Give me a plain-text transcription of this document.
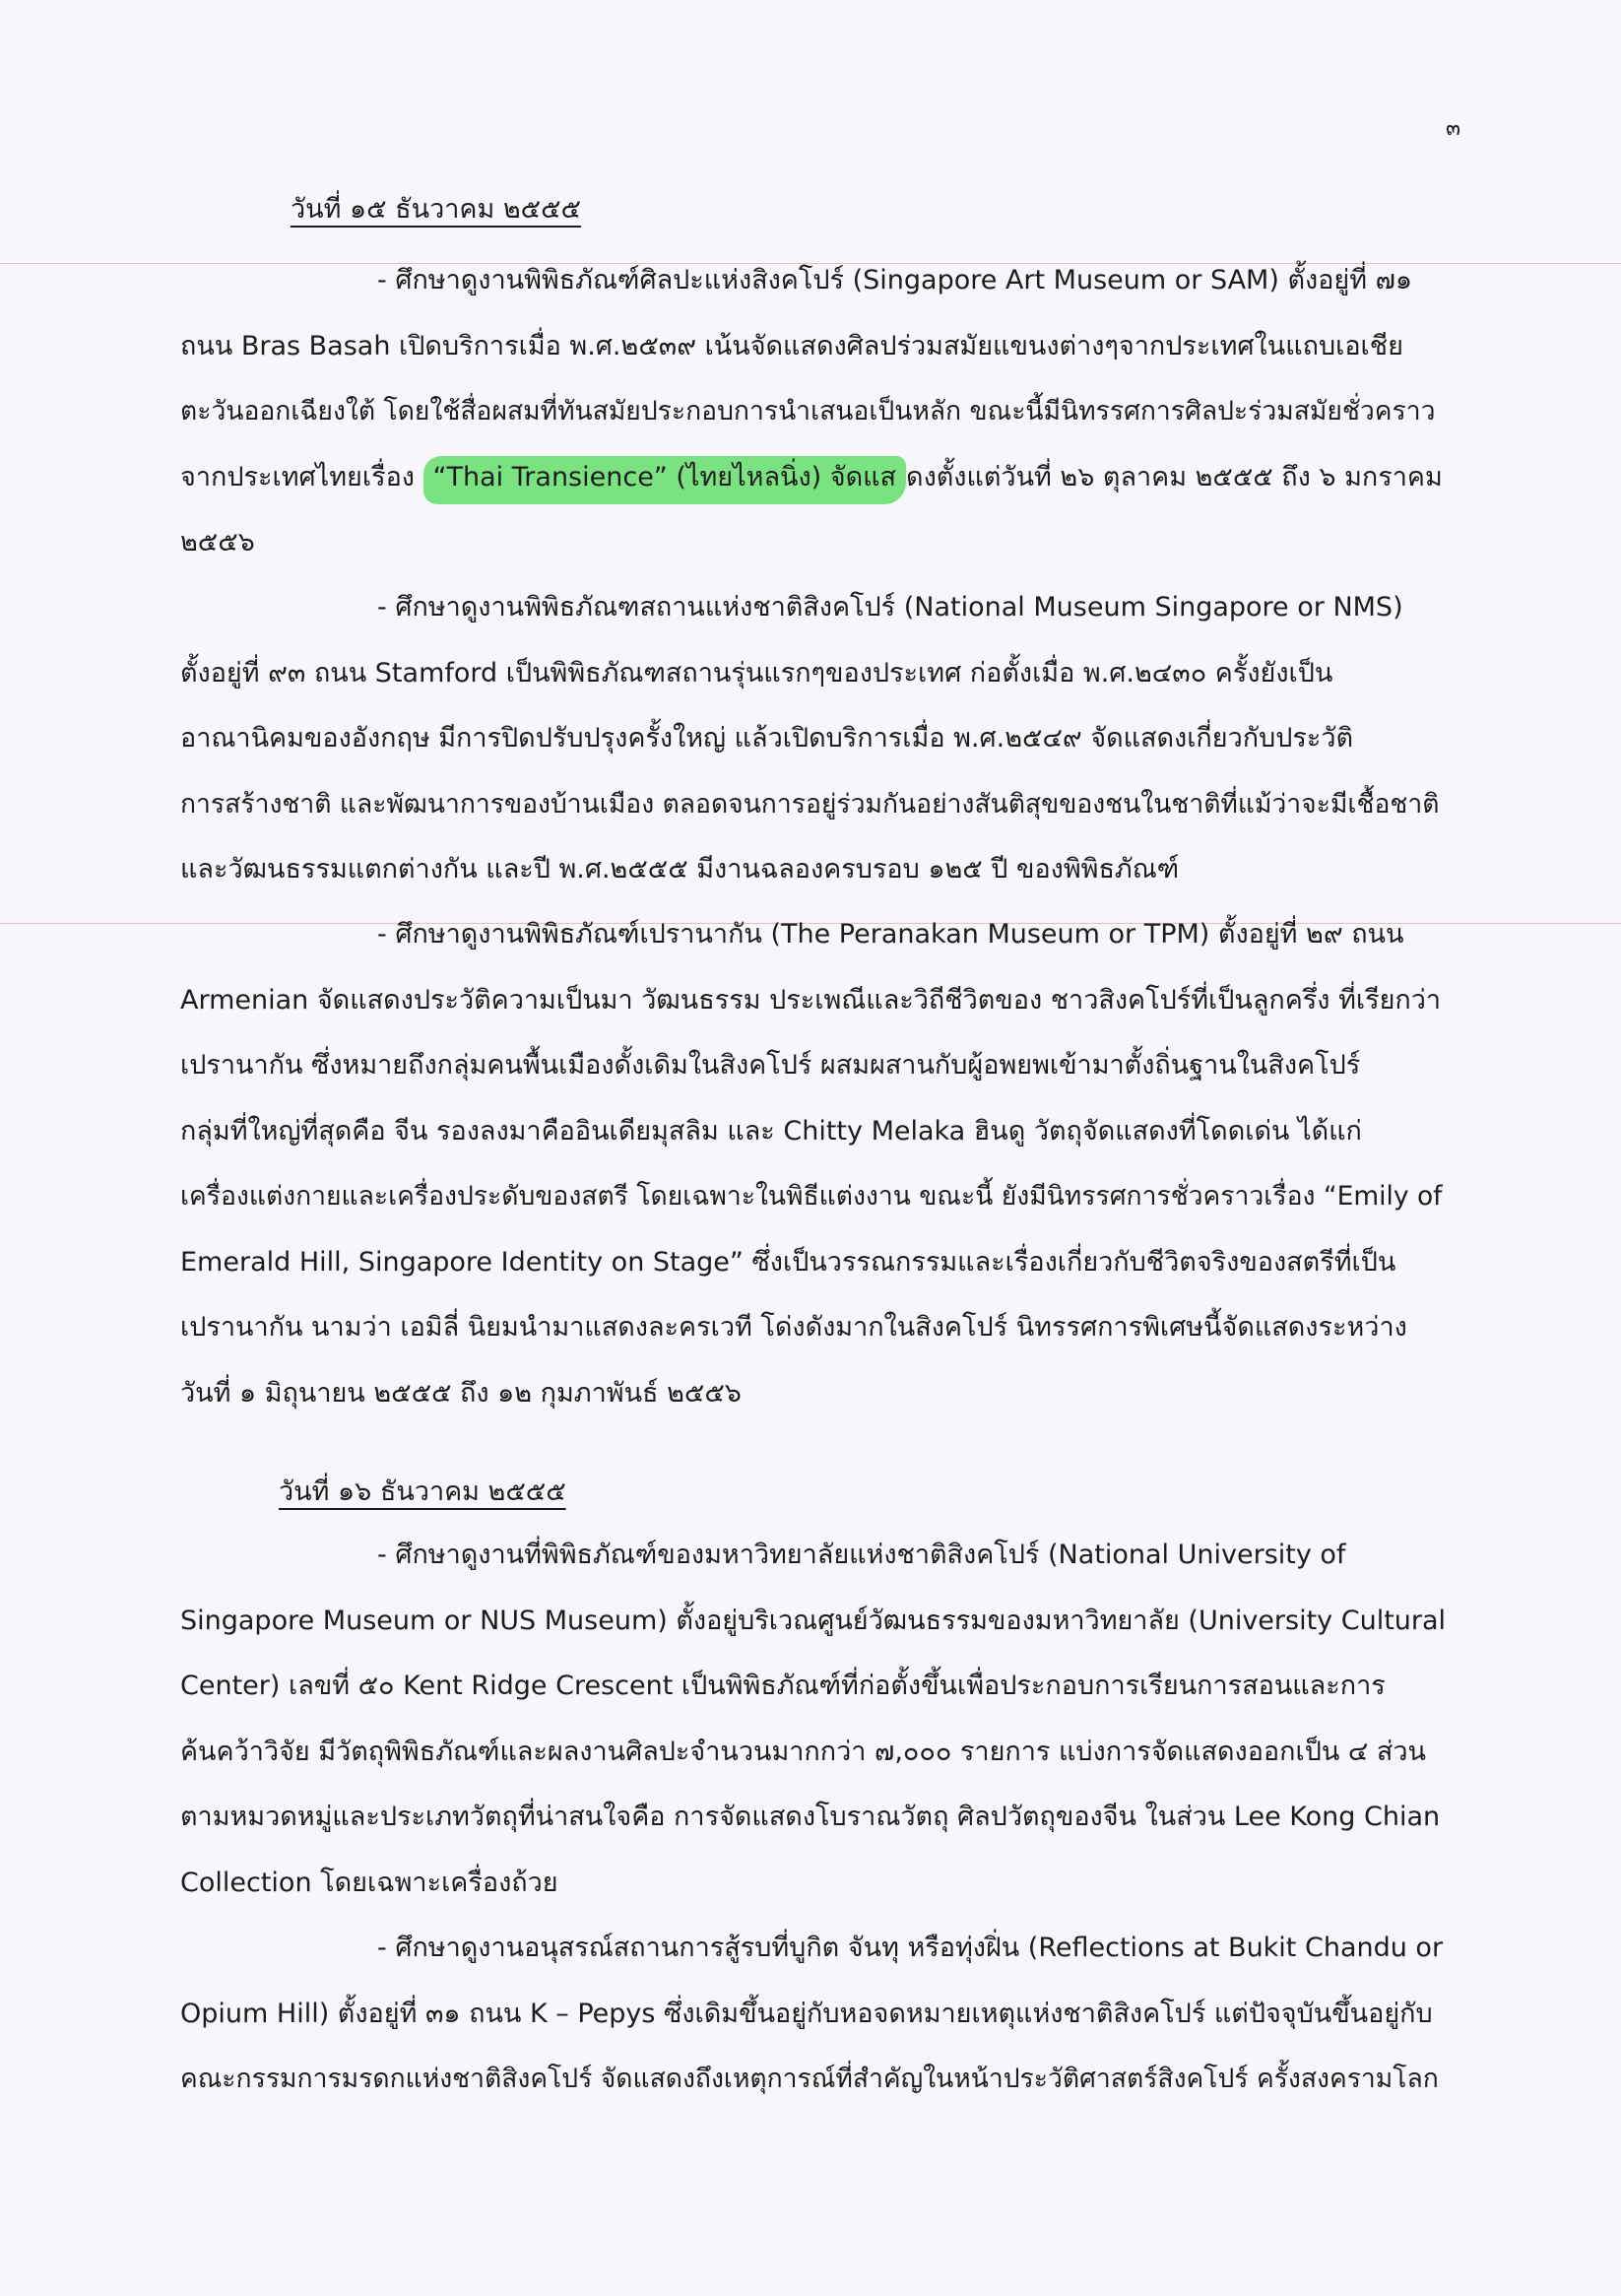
๓
วันที่ ๑๕ ธันวาคม ๒๕๕๕
- ศึกษาดูงานพิพิธภัณฑ์ศิลปะแห่งสิงคโปร์ (Singapore Art Museum or SAM) ตั้งอยู่ที่ ๗๑
ถนน Bras Basah เปิดบริการเมื่อ พ.ศ.๒๕๓๙ เน้นจัดแสดงศิลปร่วมสมัยแขนงต่างๆจากประเทศในแถบเอเชีย
ตะวันออกเฉียงใต้ โดยใช้สื่อผสมที่ทันสมัยประกอบการนำเสนอเป็นหลัก ขณะนี้มีนิทรรศการศิลปะร่วมสมัยชั่วคราว
จากประเทศไทยเรื่อง “Thai Transience” (ไทยไหลนิ่ง) จัดแส ดงตั้งแต่วันที่ ๒๖ ตุลาคม ๒๕๕๕ ถึง ๖ มกราคม
๒๕๕๖
- ศึกษาดูงานพิพิธภัณฑสถานแห่งชาติสิงคโปร์ (National Museum Singapore or NMS)
ตั้งอยู่ที่ ๙๓ ถนน Stamford เป็นพิพิธภัณฑสถานรุ่นแรกๆของประเทศ ก่อตั้งเมื่อ พ.ศ.๒๔๓๐ ครั้งยังเป็น
อาณานิคมของอังกฤษ มีการปิดปรับปรุงครั้งใหญ่ แล้วเปิดบริการเมื่อ พ.ศ.๒๕๔๙ จัดแสดงเกี่ยวกับประวัติ
การสร้างชาติ และพัฒนาการของบ้านเมือง ตลอดจนการอยู่ร่วมกันอย่างสันติสุขของชนในชาติที่แม้ว่าจะมีเชื้อชาติ
และวัฒนธรรมแตกต่างกัน และปี พ.ศ.๒๕๕๕ มีงานฉลองครบรอบ ๑๒๕ ปี ของพิพิธภัณฑ์
- ศึกษาดูงานพิพิธภัณฑ์เปรานากัน (The Peranakan Museum or TPM) ตั้งอยู่ที่ ๒๙ ถนน
Armenian จัดแสดงประวัติความเป็นมา วัฒนธรรม ประเพณีและวิถีชีวิตของ ชาวสิงคโปร์ที่เป็นลูกครึ่ง ที่เรียกว่า
เปรานากัน ซึ่งหมายถึงกลุ่มคนพื้นเมืองดั้งเดิมในสิงคโปร์ ผสมผสานกับผู้อพยพเข้ามาตั้งถิ่นฐานในสิงคโปร์
กลุ่มที่ใหญ่ที่สุดคือ จีน รองลงมาคืออินเดียมุสลิม และ Chitty Melaka ฮินดู วัตถุจัดแสดงที่โดดเด่น ได้แก่
เครื่องแต่งกายและเครื่องประดับของสตรี โดยเฉพาะในพิธีแต่งงาน ขณะนี้ ยังมีนิทรรศการชั่วคราวเรื่อง “Emily of
Emerald Hill, Singapore Identity on Stage” ซึ่งเป็นวรรณกรรมและเรื่องเกี่ยวกับชีวิตจริงของสตรีที่เป็น
เปรานากัน นามว่า เอมิลี่ นิยมนำมาแสดงละครเวที โด่งดังมากในสิงคโปร์ นิทรรศการพิเศษนี้จัดแสดงระหว่าง
วันที่ ๑ มิถุนายน ๒๕๕๕ ถึง ๑๒ กุมภาพันธ์ ๒๕๕๖
วันที่ ๑๖ ธันวาคม ๒๕๕๕
- ศึกษาดูงานที่พิพิธภัณฑ์ของมหาวิทยาลัยแห่งชาติสิงคโปร์ (National University of
Singapore Museum or NUS Museum) ตั้งอยู่บริเวณศูนย์วัฒนธรรมของมหาวิทยาลัย (University Cultural
Center) เลขที่ ๕๐ Kent Ridge Crescent เป็นพิพิธภัณฑ์ที่ก่อตั้งขึ้นเพื่อประกอบการเรียนการสอนและการ
ค้นคว้าวิจัย มีวัตถุพิพิธภัณฑ์และผลงานศิลปะจำนวนมากกว่า ๗,๐๐๐ รายการ แบ่งการจัดแสดงออกเป็น ๔ ส่วน
ตามหมวดหมู่และประเภทวัตถุที่น่าสนใจคือ การจัดแสดงโบราณวัตถุ ศิลปวัตถุของจีน ในส่วน Lee Kong Chian
Collection โดยเฉพาะเครื่องถ้วย
- ศึกษาดูงานอนุสรณ์สถานการสู้รบที่บูกิต จันทุ หรือทุ่งฝิ่น (Reflections at Bukit Chandu or
Opium Hill) ตั้งอยู่ที่ ๓๑ ถนน K – Pepys ซึ่งเดิมขึ้นอยู่กับหอจดหมายเหตุแห่งชาติสิงคโปร์ แต่ปัจจุบันขึ้นอยู่กับ
คณะกรรมการมรดกแห่งชาติสิงคโปร์ จัดแสดงถึงเหตุการณ์ที่สำคัญในหน้าประวัติศาสตร์สิงคโปร์ ครั้งสงครามโลก
